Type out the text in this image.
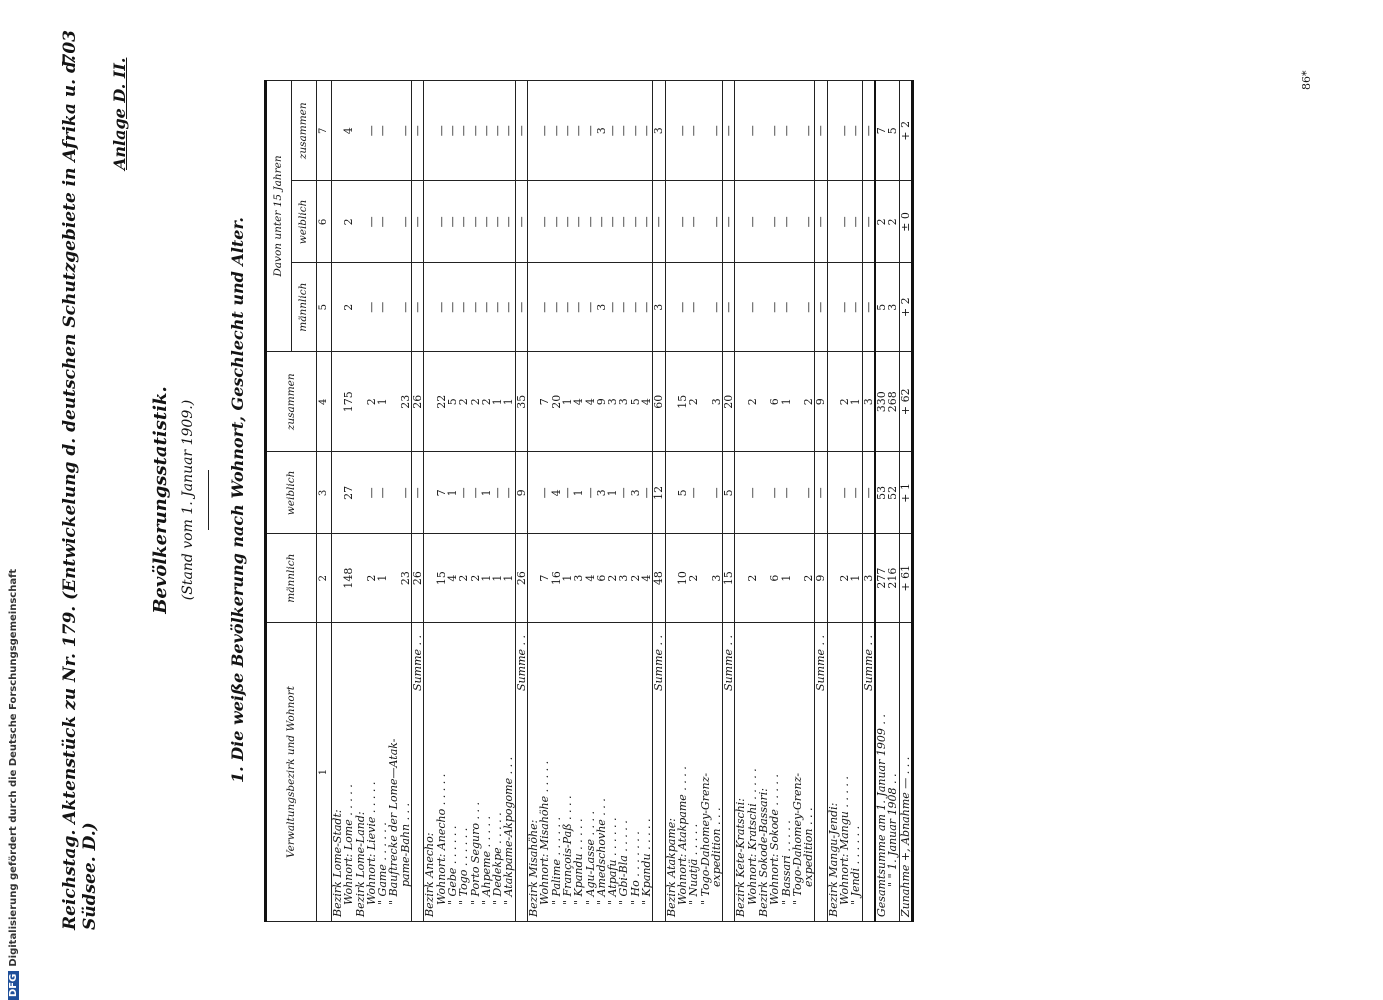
DFGDigitalisierung gefördert durch die Deutsche Forschungsgemeinschaft Reichstag. Aktenstück zu Nr. 179. (Entwickelung d. deutschen Schutzgebiete in Afrika u. d. Südsee. D.)
703
Anlage D. II.
Bevölkerungsstatistik. (Stand vom 1. Januar 1909.) 1. Die weiße Bevölkerung nach Wohnort, Geschlecht und Alter.	Verwaltungsbezirk und Wohnort	männlich	weiblich	zusammen	Davon unter 15 Jahren		
				männlich	weiblich	zusammen
1	2	3	4	5	6	7
Bezirk Lome-Stadt:						
Wohnort: Lome . . . . .	148	27	175	2	2	4
Bezirk Lome-Land:						
Wohnort: Lievie . . . . .	2	—	2	—	—	—
" Game . . . . . .	1	—	1	—	—	—
" Bauftrecke der Lome—Atak-						
pame-Bahn . . .	23	—	23	—	—	—
Summe . .	26	—	26	—	—	—
Bezirk Anecho:						
Wohnort: Anecho . . . . .	15	7	22	—	—	—
" Gebe . . . . . .	4	1	5	—	—	—
" Togo . . . . . .	2	—	2	—	—	—
" Porto Seguro . . .	2	—	2	—	—	—
" Ahpeme . . . . .	1	1	2	—	—	—
" Dedekpe . . . . .	1	—	1	—	—	—
" Atakpame-Akpogome . . .	1	—	1	—	—	—
Summe . .	26	9	35	—	—	—
Bezirk Misahöhe:						
Wohnort: Misahöhe . . . . .	7	—	7	—	—	—
" Palime . . . . . .	16	4	20	—	—	—
" François-Paß . . . .	1	—	1	—	—	—
" Kpandu . . . . .	3	1	4	—	—	—
" Agu-Lasse . . . .	4	—	4	—	—	—
" Amedschovhe . . .	6	3	9	3	—	3
" Atpafu . . . . . .	2	1	3	—	—	—
" Gbi-Bla . . . . .	3	—	3	—	—	—
" Ho . . . . . . .	2	3	5	—	—	—
" Kpandu . . . . .	4	—	4	—	—	—
Summe . .	48	12	60	3	—	3
Bezirk Atakpame:						
Wohnort: Atakpame . . . .	10	5	15	—	—	—
" Nuatjä . . . . .	2	—	2	—	—	—
" Togo-Dahomey-Grenz-						
expedition . . .	3	—	3	—	—	—
Summe . .	15	5	20	—	—	—
Bezirk Kete-Kratschi:						
Wohnort: Kratschi . . . . .	2	—	2	—	—	—
Bezirk Sokode-Bassari:						
Wohnort: Sokode . . . . .	6	—	6	—	—	—
" Bassari . . . . .	1	—	1	—	—	—
" Togo-Dahomey-Grenz-						
expedition . . .	2	—	2	—	—	—
Summe . .	9	—	9	—	—	—
Bezirk Mangu-Jendi:						
Wohnort: Mangu . . . . .	2	—	2	—	—	—
" Jendi . . . . . .	1	—	1	—	—	—
Summe . .	3	—	3	—	—	—
Gesamtsumme am 1. Januar 1909 . .	277	53	330	5	2	7
" " 1. Januar 1908 . .	216	52	268	3	2	5
Zunahme +, Abnahme — . . .	+ 61	+ 1	+ 62	+ 2	± 0	+ 2
86*
